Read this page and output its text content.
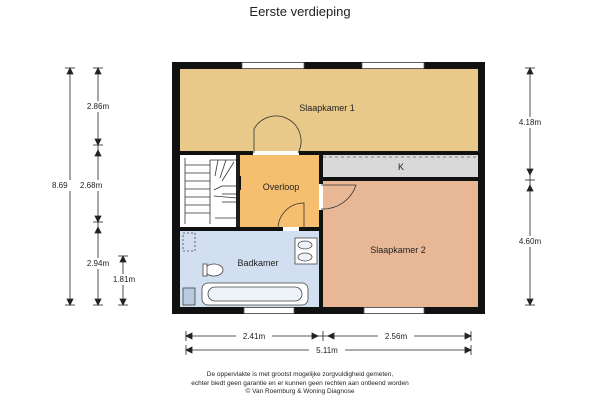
Eerste verdieping
Slaapkamer 1
Slaapkamer 2
Overloop
Badkamer
K
2.86m
8.69 2.68m
2.94m
1.81m
4.18m
4.60m
2.41m	2.56m
5.11m
De oppervlakte is met grootst mogelijke zorgvuldigheid gemeten,
echter biedt geen garantie en er kunnen geen rechten aan ontleend worden
© Van Roemburg & Woning Diagnose
